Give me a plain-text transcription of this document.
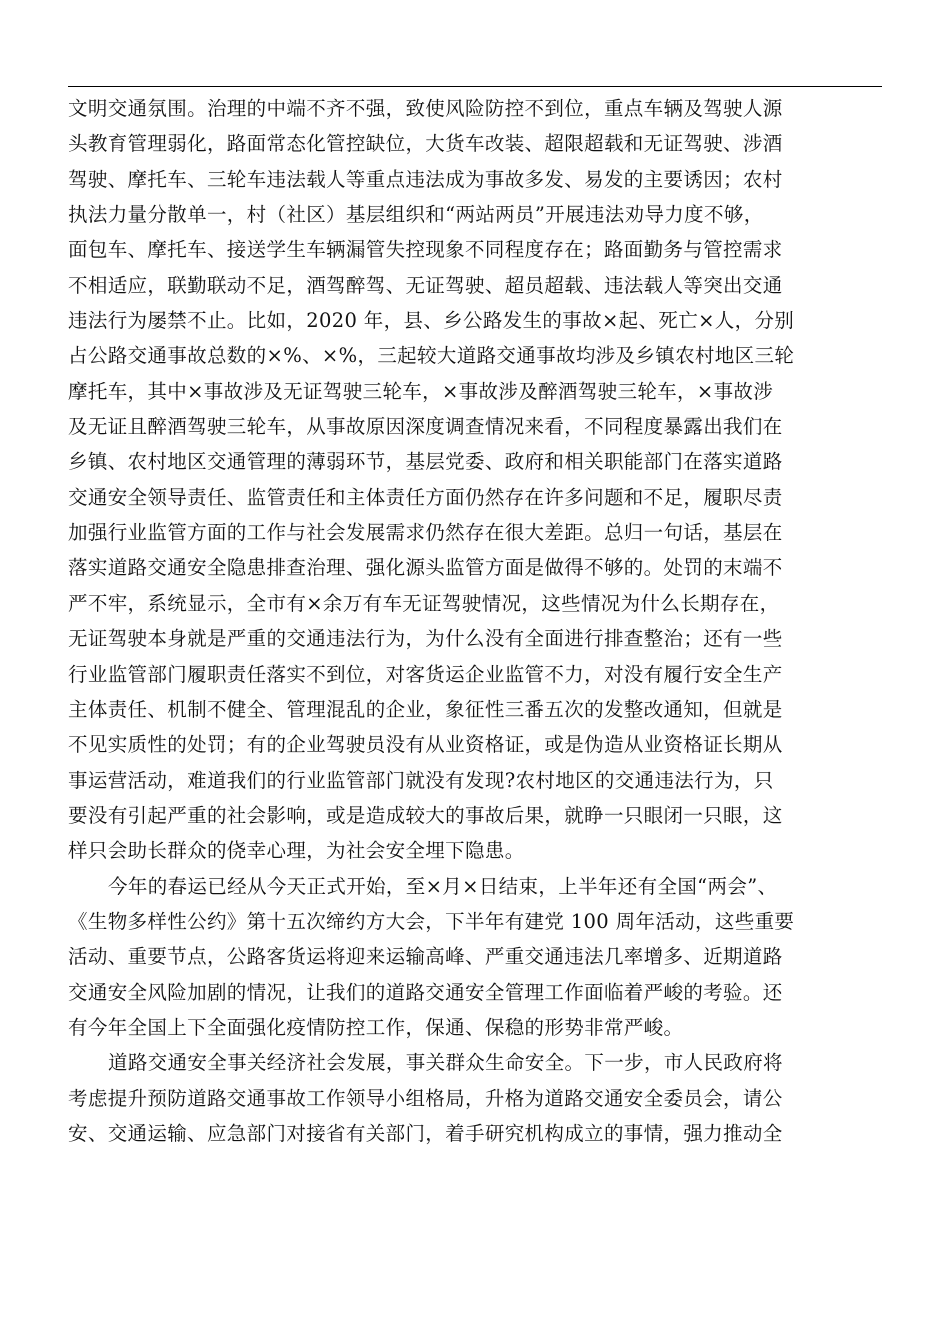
文明交通氛围。治理的中端不齐不强，致使风险防控不到位，重点车辆及驾驶人源
头教育管理弱化，路面常态化管控缺位，大货车改装、超限超载和无证驾驶、涉酒
驾驶、摩托车、三轮车违法载人等重点违法成为事故多发、易发的主要诱因；农村
执法力量分散单一，村（社区）基层组织和“两站两员”开展违法劝导力度不够，
面包车、摩托车、接送学生车辆漏管失控现象不同程度存在；路面勤务与管控需求
不相适应，联勤联动不足，酒驾醉驾、无证驾驶、超员超载、违法载人等突出交通
违法行为屡禁不止。比如，2020 年，县、乡公路发生的事故×起、死亡×人，分别
占公路交通事故总数的×%、×%，三起较大道路交通事故均涉及乡镇农村地区三轮
摩托车，其中×事故涉及无证驾驶三轮车，×事故涉及醉酒驾驶三轮车，×事故涉
及无证且醉酒驾驶三轮车，从事故原因深度调查情况来看，不同程度暴露出我们在
乡镇、农村地区交通管理的薄弱环节，基层党委、政府和相关职能部门在落实道路
交通安全领导责任、监管责任和主体责任方面仍然存在许多问题和不足，履职尽责
加强行业监管方面的工作与社会发展需求仍然存在很大差距。总归一句话，基层在
落实道路交通安全隐患排查治理、强化源头监管方面是做得不够的。处罚的末端不
严不牢，系统显示，全市有×余万有车无证驾驶情况，这些情况为什么长期存在，
无证驾驶本身就是严重的交通违法行为，为什么没有全面进行排查整治；还有一些
行业监管部门履职责任落实不到位，对客货运企业监管不力，对没有履行安全生产
主体责任、机制不健全、管理混乱的企业，象征性三番五次的发整改通知，但就是
不见实质性的处罚；有的企业驾驶员没有从业资格证，或是伪造从业资格证长期从
事运营活动，难道我们的行业监管部门就没有发现?农村地区的交通违法行为，只
要没有引起严重的社会影响，或是造成较大的事故后果，就睁一只眼闭一只眼，这
样只会助长群众的侥幸心理，为社会安全埋下隐患。
今年的春运已经从今天正式开始，至×月×日结束，上半年还有全国“两会”、
《生物多样性公约》第十五次缔约方大会，下半年有建党 100 周年活动，这些重要
活动、重要节点，公路客货运将迎来运输高峰、严重交通违法几率增多、近期道路
交通安全风险加剧的情况，让我们的道路交通安全管理工作面临着严峻的考验。还
有今年全国上下全面强化疫情防控工作，保通、保稳的形势非常严峻。
道路交通安全事关经济社会发展，事关群众生命安全。下一步，市人民政府将
考虑提升预防道路交通事故工作领导小组格局，升格为道路交通安全委员会，请公
安、交通运输、应急部门对接省有关部门，着手研究机构成立的事情，强力推动全
